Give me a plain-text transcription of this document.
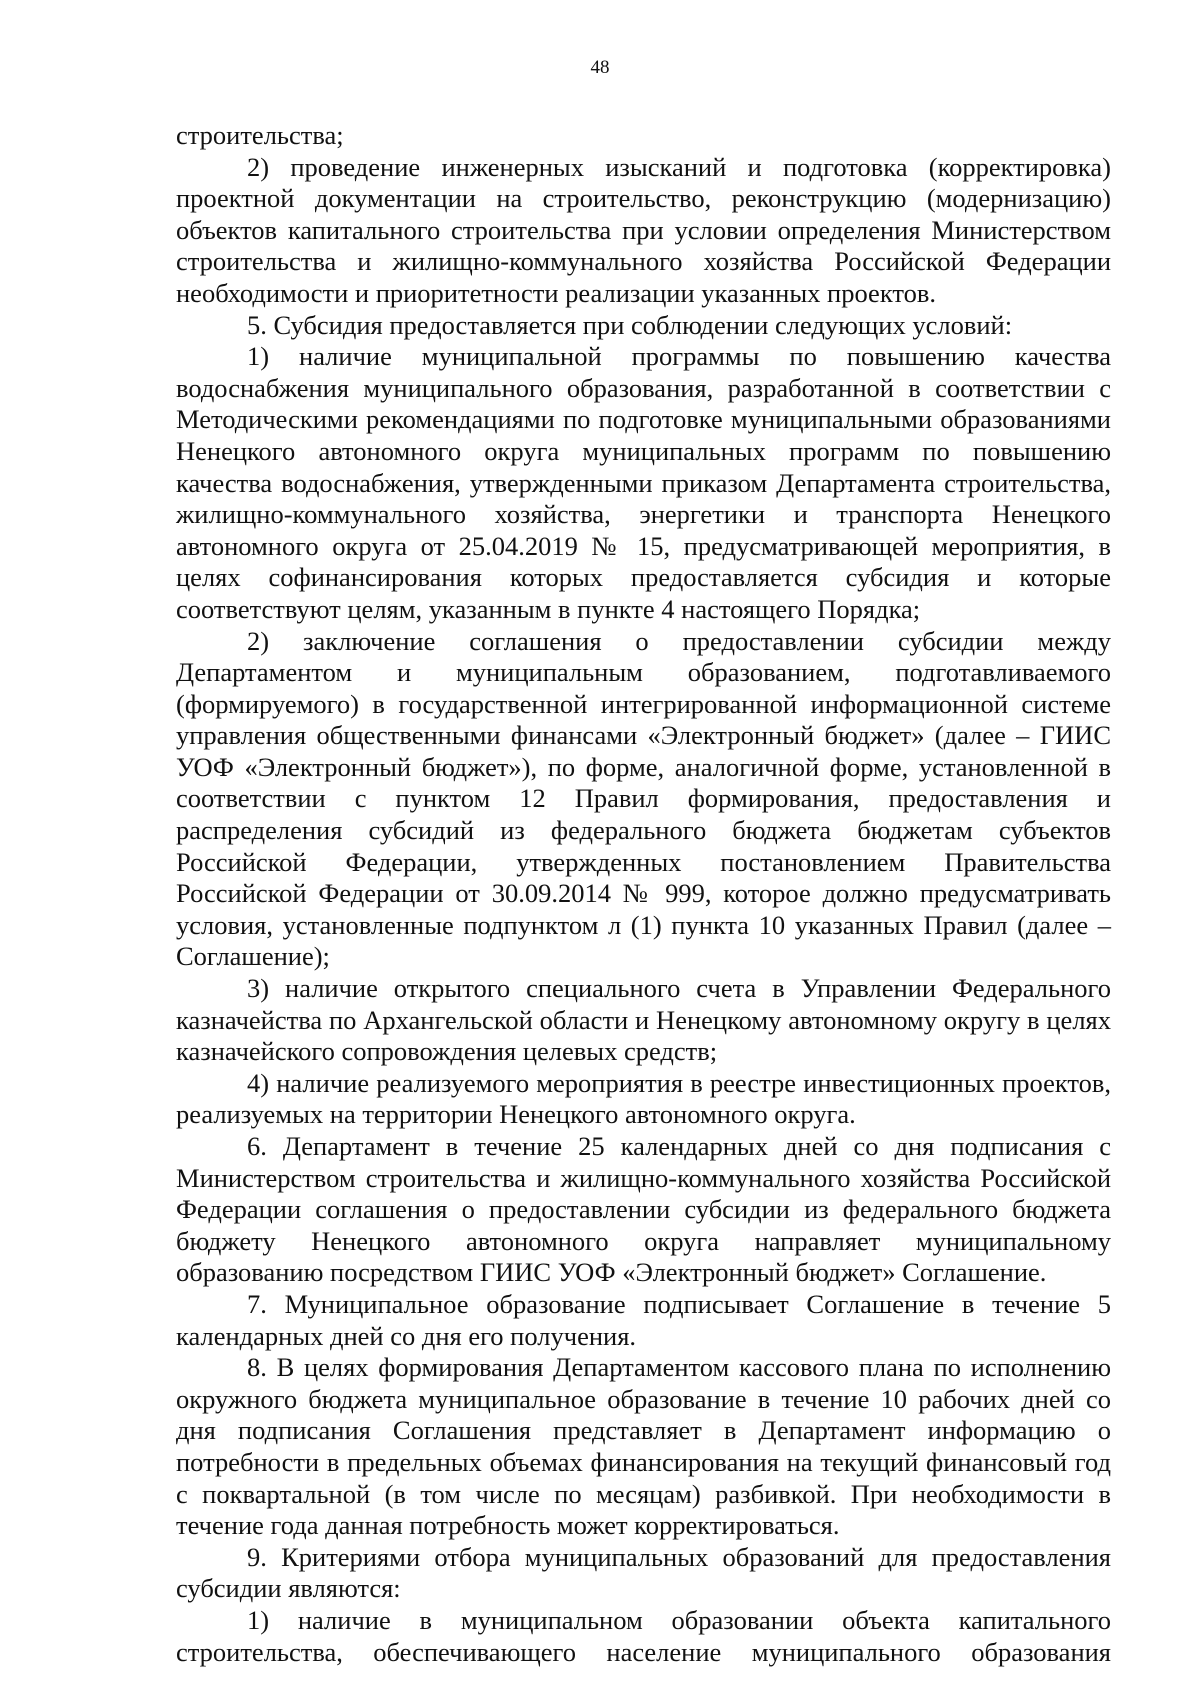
48

строительства;

2) проведение инженерных изысканий и подготовка (корректировка) проектной документации на строительство, реконструкцию (модернизацию) объектов капитального строительства при условии определения Министерством строительства и жилищно-коммунального хозяйства Российской Федерации необходимости и приоритетности реализации указанных проектов.

5. Субсидия предоставляется при соблюдении следующих условий:

1) наличие муниципальной программы по повышению качества водоснабжения муниципального образования, разработанной в соответствии с Методическими рекомендациями по подготовке муниципальными образованиями Ненецкого автономного округа муниципальных программ по повышению качества водоснабжения, утвержденными приказом Департамента строительства, жилищно-коммунального хозяйства, энергетики и транспорта Ненецкого автономного округа от 25.04.2019 № 15, предусматривающей мероприятия, в целях софинансирования которых предоставляется субсидия и которые соответствуют целям, указанным в пункте 4 настоящего Порядка;

2) заключение соглашения о предоставлении субсидии между Департаментом и муниципальным образованием, подготавливаемого (формируемого) в государственной интегрированной информационной системе управления общественными финансами «Электронный бюджет» (далее – ГИИС УОФ «Электронный бюджет»), по форме, аналогичной форме, установленной в соответствии с пунктом 12 Правил формирования, предоставления и распределения субсидий из федерального бюджета бюджетам субъектов Российской Федерации, утвержденных постановлением Правительства Российской Федерации от 30.09.2014 № 999, которое должно предусматривать условия, установленные подпунктом л (1) пункта 10 указанных Правил (далее – Соглашение);

3) наличие открытого специального счета в Управлении Федерального казначейства по Архангельской области и Ненецкому автономному округу в целях казначейского сопровождения целевых средств;

4) наличие реализуемого мероприятия в реестре инвестиционных проектов, реализуемых на территории Ненецкого автономного округа.

6. Департамент в течение 25 календарных дней со дня подписания с Министерством строительства и жилищно-коммунального хозяйства Российской Федерации соглашения о предоставлении субсидии из федерального бюджета бюджету Ненецкого автономного округа направляет муниципальному образованию посредством ГИИС УОФ «Электронный бюджет» Соглашение.

7. Муниципальное образование подписывает Соглашение в течение 5 календарных дней со дня его получения.

8. В целях формирования Департаментом кассового плана по исполнению окружного бюджета муниципальное образование в течение 10 рабочих дней со дня подписания Соглашения представляет в Департамент информацию о потребности в предельных объемах финансирования на текущий финансовый год с поквартальной (в том числе по месяцам) разбивкой. При необходимости в течение года данная потребность может корректироваться.

9. Критериями отбора муниципальных образований для предоставления субсидии являются:

1) наличие в муниципальном образовании объекта капитального строительства, обеспечивающего население муниципального образования
